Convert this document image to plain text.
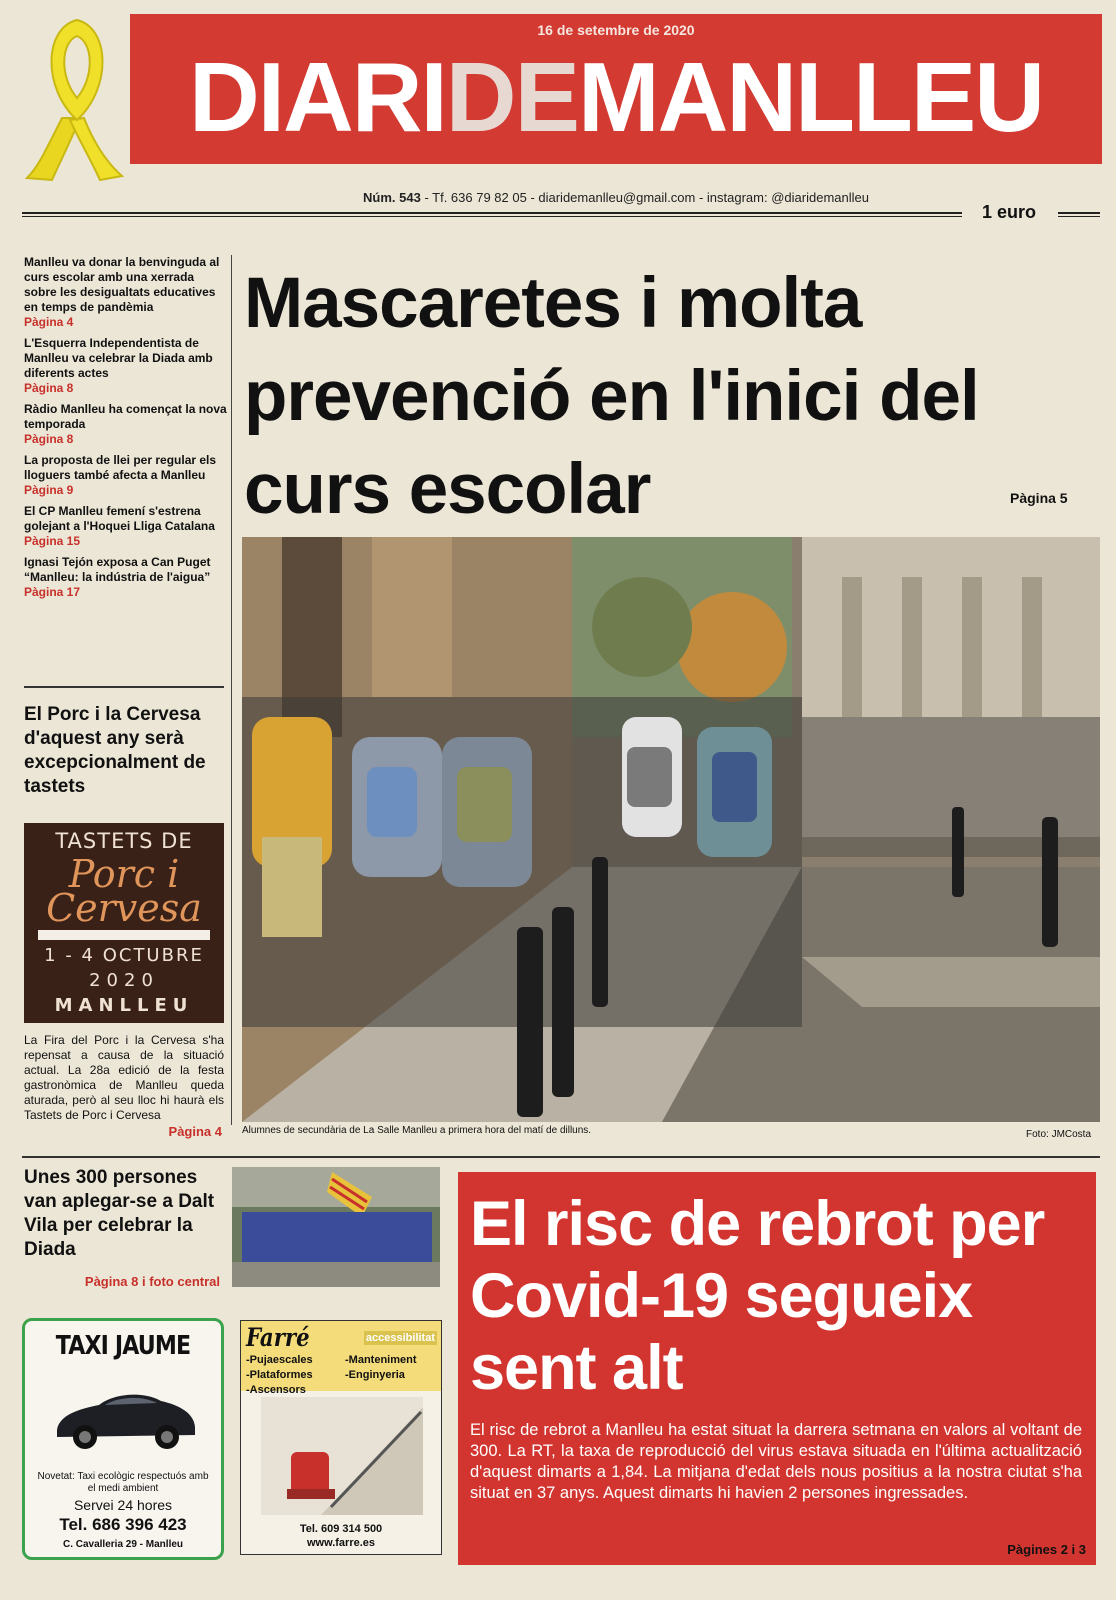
16 de setembre de 2020
DIARIDEMANLLEU
Núm. 543 - Tf. 636 79 82 05 - diaridemanlleu@gmail.com - instagram: @diaridemanlleu
1 euro
Manlleu va donar la benvinguda al curs escolar amb una xerrada sobre les desigualtats educatives en temps de pandèmia
Pàgina 4
L'Esquerra Independentista de Manlleu va celebrar la Diada amb diferents actes
Pàgina 8
Ràdio Manlleu ha començat la nova temporada
Pàgina 8
La proposta de llei per regular els lloguers també afecta a Manlleu
Pàgina 9
El CP Manlleu femení s'estrena golejant a l'Hoquei Lliga Catalana
Pàgina 15
Ignasi Tejón exposa a Can Puget “Manlleu: la indústria de l'aigua”
Pàgina 17
El Porc i la Cervesa d'aquest any serà excepcionalment de tastets
TASTETS DE
Porc i
Cervesa
1 - 4 OCTUBRE
2020
MANLLEU
La Fira del Porc i la Cervesa s'ha repensat a causa de la situació actual. La 28a edició de la festa gastronòmica de Manlleu queda aturada, però al seu lloc hi haurà els Tastets de Porc i Cervesa
Pàgina 4
Mascaretes i molta prevenció en l'inici del curs escolar	Pàgina 5
Alumnes de secundària de La Salle Manlleu a primera hora del matí de dilluns.	Foto: JMCosta
Unes 300 persones van aplegar-se a Dalt Vila per celebrar la Diada
Pàgina 8 i foto central
TAXI JAUME
Novetat: Taxi ecològic respectuós amb el medi ambient
Servei 24 hores
Tel. 686 396 423
C. Cavalleria 29 - Manlleu
Farré	accessibilitat
-Pujaescales
-Plataformes
-Ascensors
-Manteniment
-Enginyeria
Tel. 609 314 500
www.farre.es
El risc de rebrot per Covid-19 segueix sent alt
El risc de rebrot a Manlleu ha estat situat la darrera setmana en valors al voltant de 300. La RT, la taxa de reproducció del virus estava situada en l'última actualització d'aquest dimarts a 1,84. La mitjana d'edat dels nous positius a la nostra ciutat s'ha situat en 37 anys. Aquest dimarts hi havien 2 persones ingressades.
Pàgines 2 i 3
